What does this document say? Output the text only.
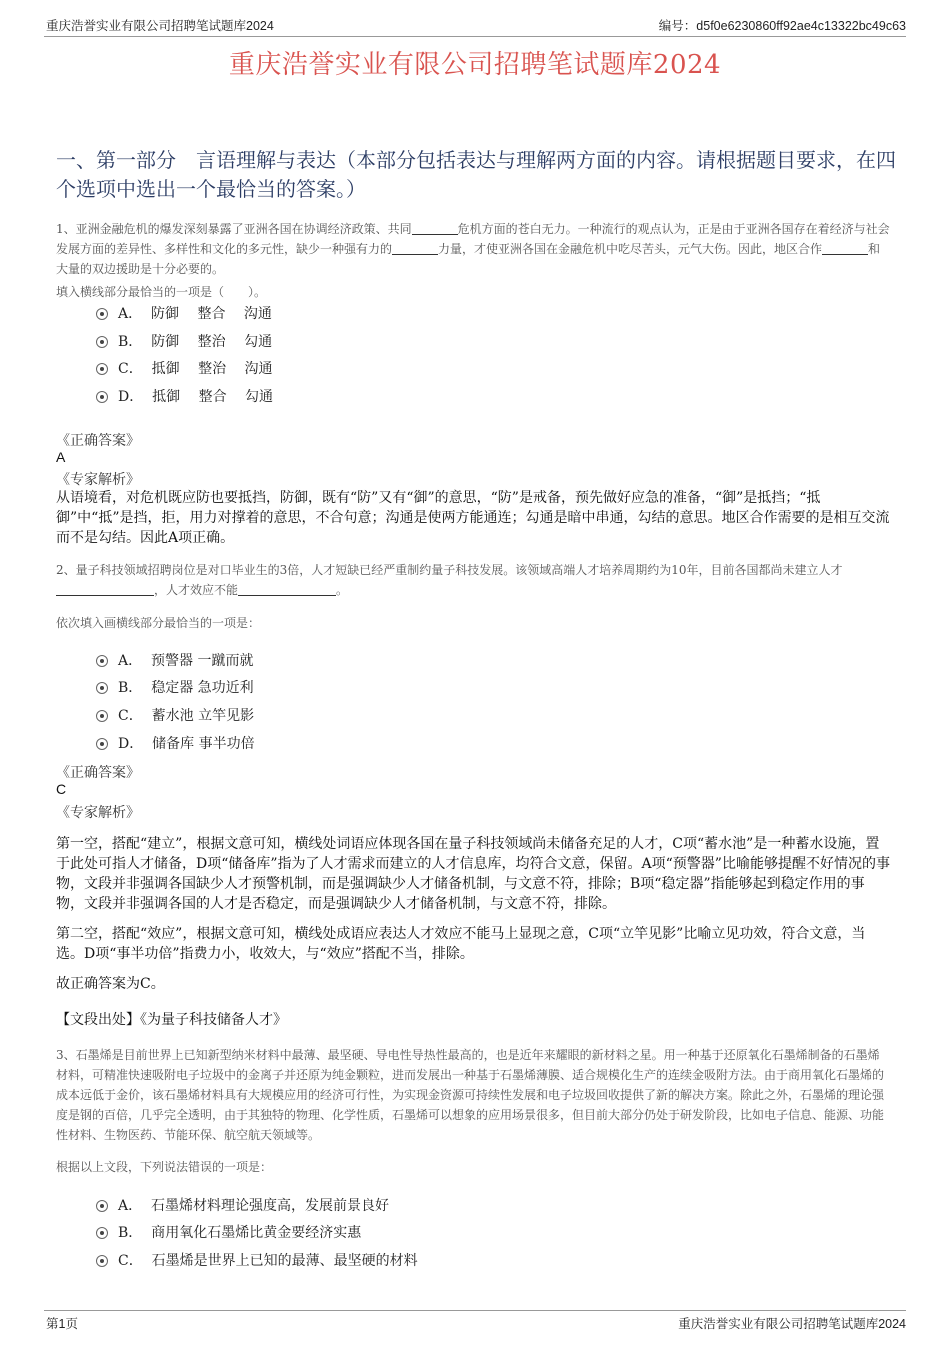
重庆浩誉实业有限公司招聘笔试题库2024	编号：d5f0e6230860ff92ae4c13322bc49c63
重庆浩誉实业有限公司招聘笔试题库2024
一、第一部分　言语理解与表达（本部分包括表达与理解两方面的内容。请根据题目要求，在四个选项中选出一个最恰当的答案。）
1、亚洲金融危机的爆发深刻暴露了亚洲各国在协调经济政策、共同	危机方面的苍白无力。一种流行的观点认为，正是由于亚洲各国存在着经济与社会发展方面的差异性、多样性和文化的多元性，缺少一种强有力的	力量，才使亚洲各国在金融危机中吃尽苦头，元气大伤。因此，地区合作	和大量的双边援助是十分必要的。
填入横线部分最恰当的一项是（　　）。
A． 防御　 整合　 沟通
B． 防御　 整治　 勾通
C． 抵御　 整治　 沟通
D． 抵御　 整合　 勾通
《正确答案》
A
《专家解析》
从语境看，对危机既应防也要抵挡，防御，既有“防”又有“御”的意思，“防”是戒备，预先做好应急的准备，“御”是抵挡；“抵御”中“抵”是挡，拒，用力对撑着的意思，不合句意；沟通是使两方能通连；勾通是暗中串通，勾结的意思。地区合作需要的是相互交流而不是勾结。因此A项正确。
2、量子科技领域招聘岗位是对口毕业生的3倍，人才短缺已经严重制约量子科技发展。该领域高端人才培养周期约为10年，目前各国都尚未建立人才，人才效应不能	。
依次填入画横线部分最恰当的一项是：
A． 预警器 一蹴而就
B． 稳定器 急功近利
C． 蓄水池 立竿见影
D． 储备库 事半功倍
《正确答案》
C
《专家解析》
第一空，搭配“建立”，根据文意可知，横线处词语应体现各国在量子科技领域尚未储备充足的人才，C项“蓄水池”是一种蓄水设施，置于此处可指人才储备，D项“储备库”指为了人才需求而建立的人才信息库，均符合文意，保留。A项“预警器”比喻能够提醒不好情况的事物，文段并非强调各国缺少人才预警机制，而是强调缺少人才储备机制，与文意不符，排除；B项“稳定器”指能够起到稳定作用的事物，文段并非强调各国的人才是否稳定，而是强调缺少人才储备机制，与文意不符，排除。
第二空，搭配“效应”，根据文意可知，横线处成语应表达人才效应不能马上显现之意，C项“立竿见影”比喻立见功效，符合文意，当选。D项“事半功倍”指费力小，收效大，与“效应”搭配不当，排除。
故正确答案为C。
【文段出处】《为量子科技储备人才》
3、石墨烯是目前世界上已知新型纳米材料中最薄、最坚硬、导电性导热性最高的，也是近年来耀眼的新材料之星。用一种基于还原氧化石墨烯制备的石墨烯材料，可精准快速吸附电子垃圾中的金离子并还原为纯金颗粒，进而发展出一种基于石墨烯薄膜、适合规模化生产的连续金吸附方法。由于商用氧化石墨烯的成本远低于金价，该石墨烯材料具有大规模应用的经济可行性，为实现金资源可持续性发展和电子垃圾回收提供了新的解决方案。除此之外，石墨烯的理论强度是钢的百倍，几乎完全透明，由于其独特的物理、化学性质，石墨烯可以想象的应用场景很多，但目前大部分仍处于研发阶段，比如电子信息、能源、功能性材料、生物医药、节能环保、航空航天领域等。
根据以上文段，下列说法错误的一项是：
A． 石墨烯材料理论强度高，发展前景良好
B． 商用氧化石墨烯比黄金要经济实惠
C． 石墨烯是世界上已知的最薄、最坚硬的材料
第1页	重庆浩誉实业有限公司招聘笔试题库2024
